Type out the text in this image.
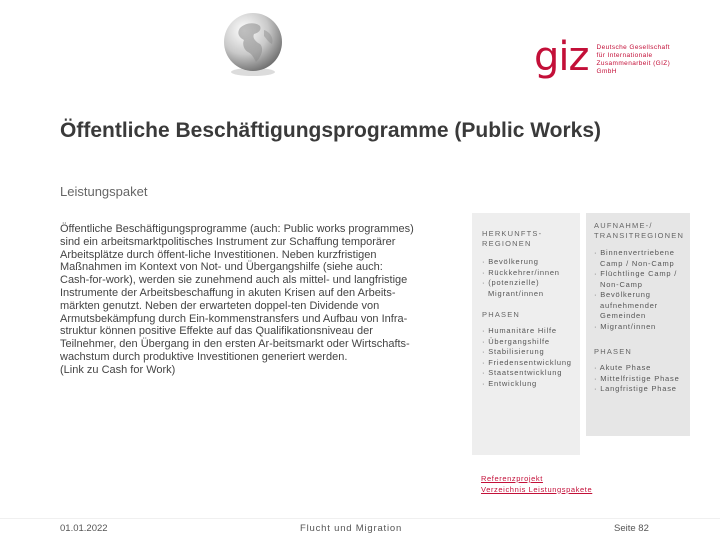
giz Deutsche Gesellschaft
für Internationale
Zusammenarbeit (GIZ) GmbH
Öffentliche Beschäftigungsprogramme (Public Works)
Leistungspaket
Öffentliche Beschäftigungsprogramme (auch: Public works programmes)
sind ein arbeitsmarktpolitisches Instrument zur Schaffung temporärer
Arbeitsplätze durch öffent-liche Investitionen. Neben kurzfristigen
Maßnahmen im Kontext von Not- und Übergangshilfe (siehe auch:
Cash-for-work), werden sie zunehmend auch als mittel- und langfristige
Instrumente der Arbeitsbeschaffung in akuten Krisen auf den Arbeits-
märkten genutzt. Neben der erwarteten doppel-ten Dividende von
Armutsbekämpfung durch Ein-kommenstransfers und Aufbau von Infra-
struktur können positive Effekte auf das Qualifikationsniveau der
Teilnehmer, den Übergang in den ersten Ar-beitsmarkt oder Wirtschafts-
wachstum durch produktive Investitionen generiert werden.
(Link zu Cash for Work)
HERKUNFTS-
REGIONEN
· Bevölkerung
· Rückkehrer/innen
· (potenzielle) Migrant/innen
PHASEN
· Humanitäre Hilfe
· Übergangshilfe
· Stabilisierung
· Friedensentwicklung
· Staatsentwicklung
· Entwicklung
AUFNAHME-/
TRANSITREGIONEN
· Binnenvertriebene Camp / Non-Camp
· Flüchtlinge Camp / Non-Camp
· Bevölkerung aufnehmender Gemeinden
· Migrant/innen
PHASEN
· Akute Phase
· Mittelfristige Phase
· Langfristige Phase
Referenzprojekt
Verzeichnis Leistungspakete
01.01.2022	Flucht und Migration	Seite 82
